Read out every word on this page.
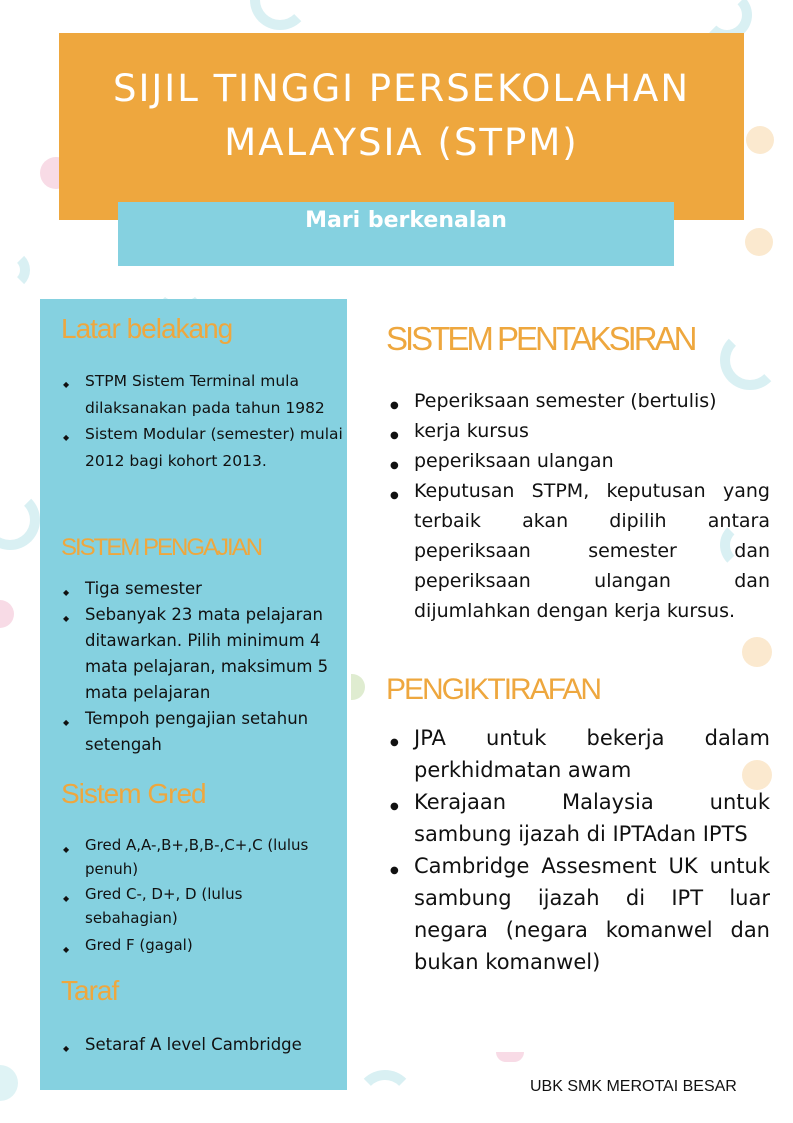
SIJIL TINGGI PERSEKOLAHAN
MALAYSIA (STPM)
Mari berkenalan
Latar belakang
◆ STPM Sistem Terminal mula dilaksanakan pada tahun 1982
◆ Sistem Modular (semester) mulai 2012 bagi kohort 2013.
SISTEM PENGAJIAN
◆ Tiga semester
◆ Sebanyak 23 mata pelajaran ditawarkan. Pilih minimum 4 mata pelajaran, maksimum 5 mata pelajaran
◆ Tempoh pengajian setahun setengah
Sistem Gred
◆ Gred A,A-,B+,B,B-,C+,C (lulus penuh)
◆ Gred C-, D+, D (lulus sebahagian)
◆ Gred F (gagal)
Taraf
◆ Setaraf A level Cambridge
SISTEM PENTAKSIRAN
● Peperiksaan semester (bertulis)
● kerja kursus
● peperiksaan ulangan
● Keputusan STPM, keputusan yang terbaik akan dipilih antara peperiksaan semester dan peperiksaan ulangan dan dijumlahkan dengan kerja kursus.
PENGIKTIRAFAN
● JPA untuk bekerja dalam perkhidmatan awam
● Kerajaan Malaysia untuk sambung ijazah di IPTAdan IPTS
● Cambridge Assesment UK untuk sambung ijazah di IPT luar negara (negara komanwel dan bukan komanwel)
UBK SMK MEROTAI BESAR
